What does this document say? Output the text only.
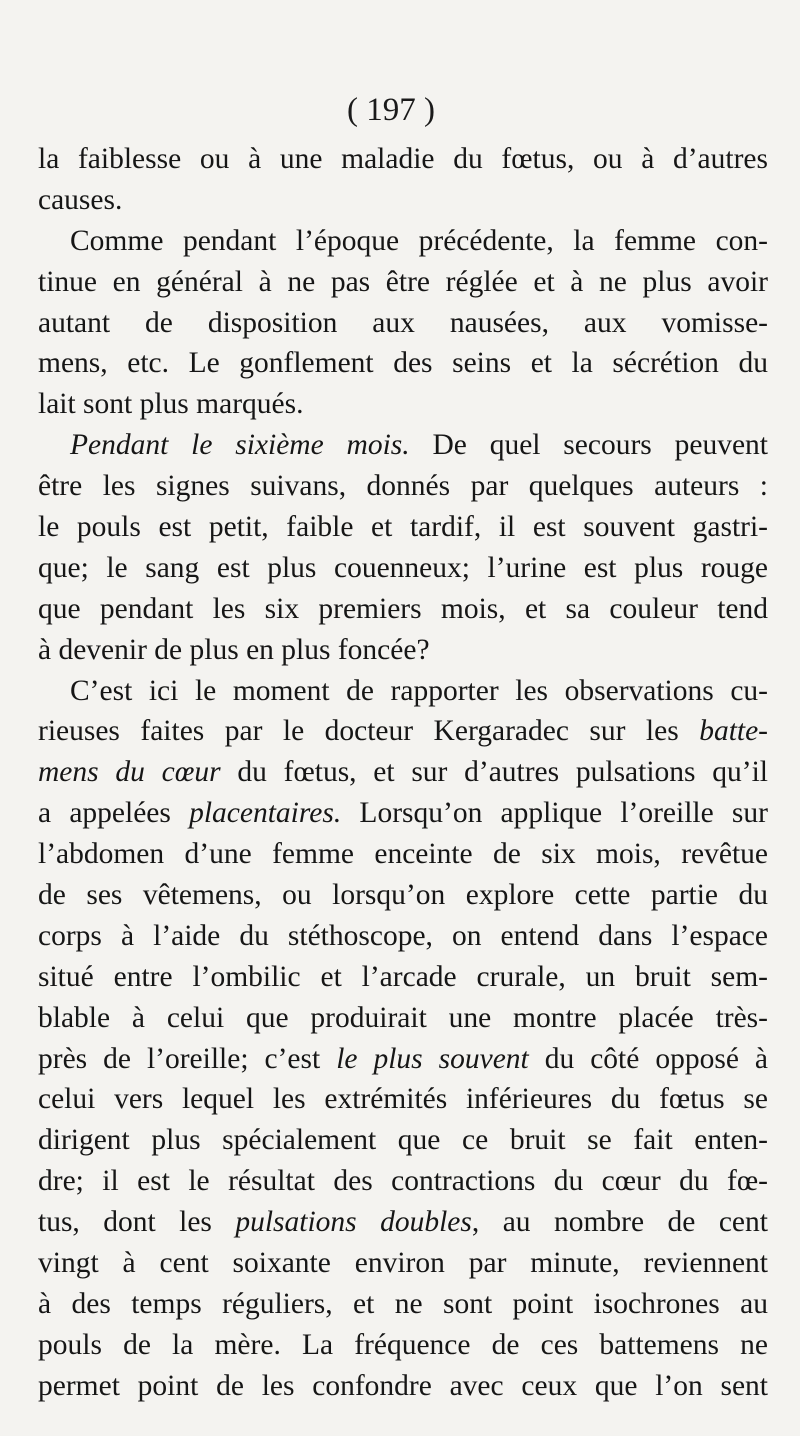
( 197 )
la faiblesse ou à une maladie du fœtus, ou à d’autres
causes.
Comme pendant l’époque précédente, la femme con-
tinue en général à ne pas être réglée et à ne plus avoir
autant de disposition aux nausées, aux vomisse-
mens, etc. Le gonflement des seins et la sécrétion du
lait sont plus marqués.
Pendant le sixième mois. De quel secours peuvent
être les signes suivans, donnés par quelques auteurs :
le pouls est petit, faible et tardif, il est souvent gastri-
que; le sang est plus couenneux; l’urine est plus rouge
que pendant les six premiers mois, et sa couleur tend
à devenir de plus en plus foncée?
C’est ici le moment de rapporter les observations cu-
rieuses faites par le docteur Kergaradec sur les batte-
mens du cœur du fœtus, et sur d’autres pulsations qu’il
a appelées placentaires. Lorsqu’on applique l’oreille sur
l’abdomen d’une femme enceinte de six mois, revêtue
de ses vêtemens, ou lorsqu’on explore cette partie du
corps à l’aide du stéthoscope, on entend dans l’espace
situé entre l’ombilic et l’arcade crurale, un bruit sem-
blable à celui que produirait une montre placée très-
près de l’oreille; c’est le plus souvent du côté opposé à
celui vers lequel les extrémités inférieures du fœtus se
dirigent plus spécialement que ce bruit se fait enten-
dre; il est le résultat des contractions du cœur du fœ-
tus, dont les pulsations doubles, au nombre de cent
vingt à cent soixante environ par minute, reviennent
à des temps réguliers, et ne sont point isochrones au
pouls de la mère. La fréquence de ces battemens ne
permet point de les confondre avec ceux que l’on sent
